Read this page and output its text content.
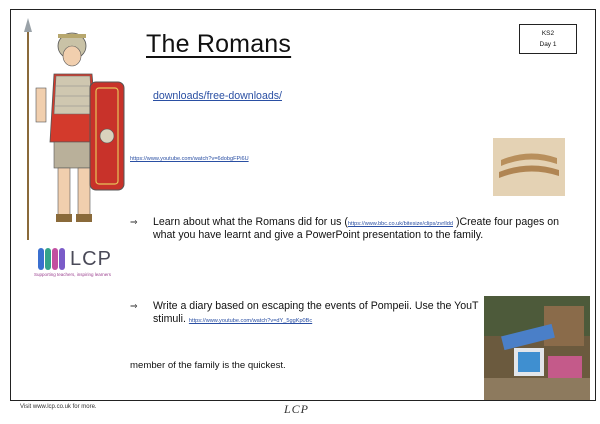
The Romans	KS2
Day 1
LCP
Supporting teachers, inspiring learners
downloads/free-downloads/
https://www.youtube.com/watch?v=6dobgFPi6U
⇒ Learn about what the Romans did for us (https://www.bbc.co.uk/bitesize/clips/zvrlldd )Create four pages on
what you have learnt and give a PowerPoint presentation to the family.
⇒ Write a diary based on escaping the events of Pompeii. Use the YouT
stimuli. https://www.youtube.com/watch?v=dY_5ggKp0Bc
member of the family is the quickest.
Visit www.lcp.co.uk for more.	LCP
